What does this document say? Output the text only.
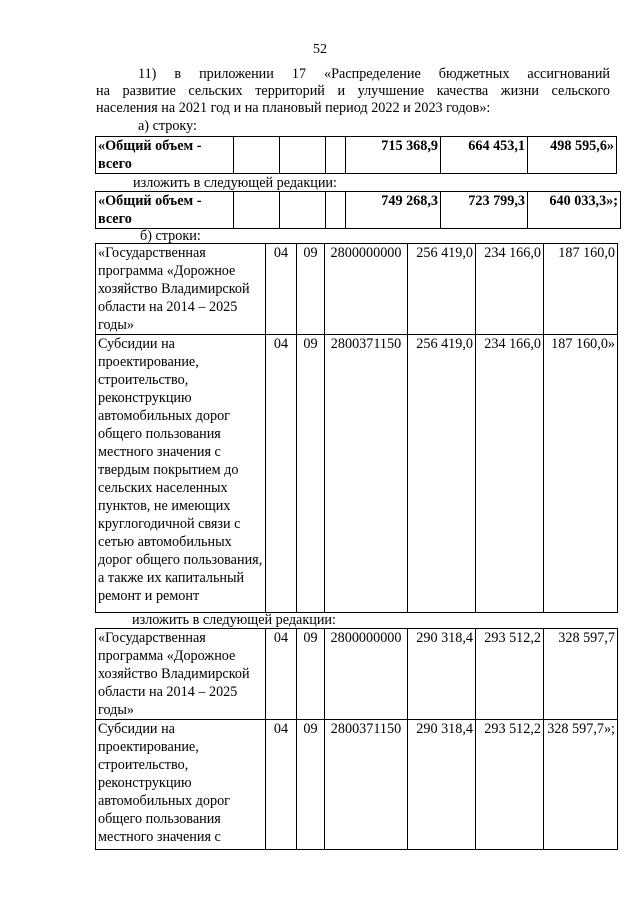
52
11) в приложении 17 «Распределение бюджетных ассигнований
на развитие сельских территорий и улучшение качества жизни сельского
населения на 2021 год и на плановый период 2022 и 2023 годов»:
а) строку:
«Общий объем - всего				715 368,9	664 453,1	498 595,6»
изложить в следующей редакции:
«Общий объем - всего				749 268,3	723 799,3	640 033,3»;
б) строки:
«Государственная программа «Дорожное хозяйство Владимирской области на 2014 – 2025 годы»	04	09	2800000000	256 419,0	234 166,0	187 160,0
Субсидии на проектирование, строительство, реконструкцию автомобильных дорог общего пользования местного значения с твердым покрытием до сельских населенных пунктов, не имеющих круглогодичной связи с сетью автомобильных дорог общего пользования, а также их капитальный ремонт и ремонт	04	09	2800371150	256 419,0	234 166,0	187 160,0»
изложить в следующей редакции:
«Государственная программа «Дорожное хозяйство Владимирской области на 2014 – 2025 годы»	04	09	2800000000	290 318,4	293 512,2	328 597,7
Субсидии на проектирование, строительство, реконструкцию автомобильных дорог общего пользования местного значения с	04	09	2800371150	290 318,4	293 512,2	328 597,7»;
